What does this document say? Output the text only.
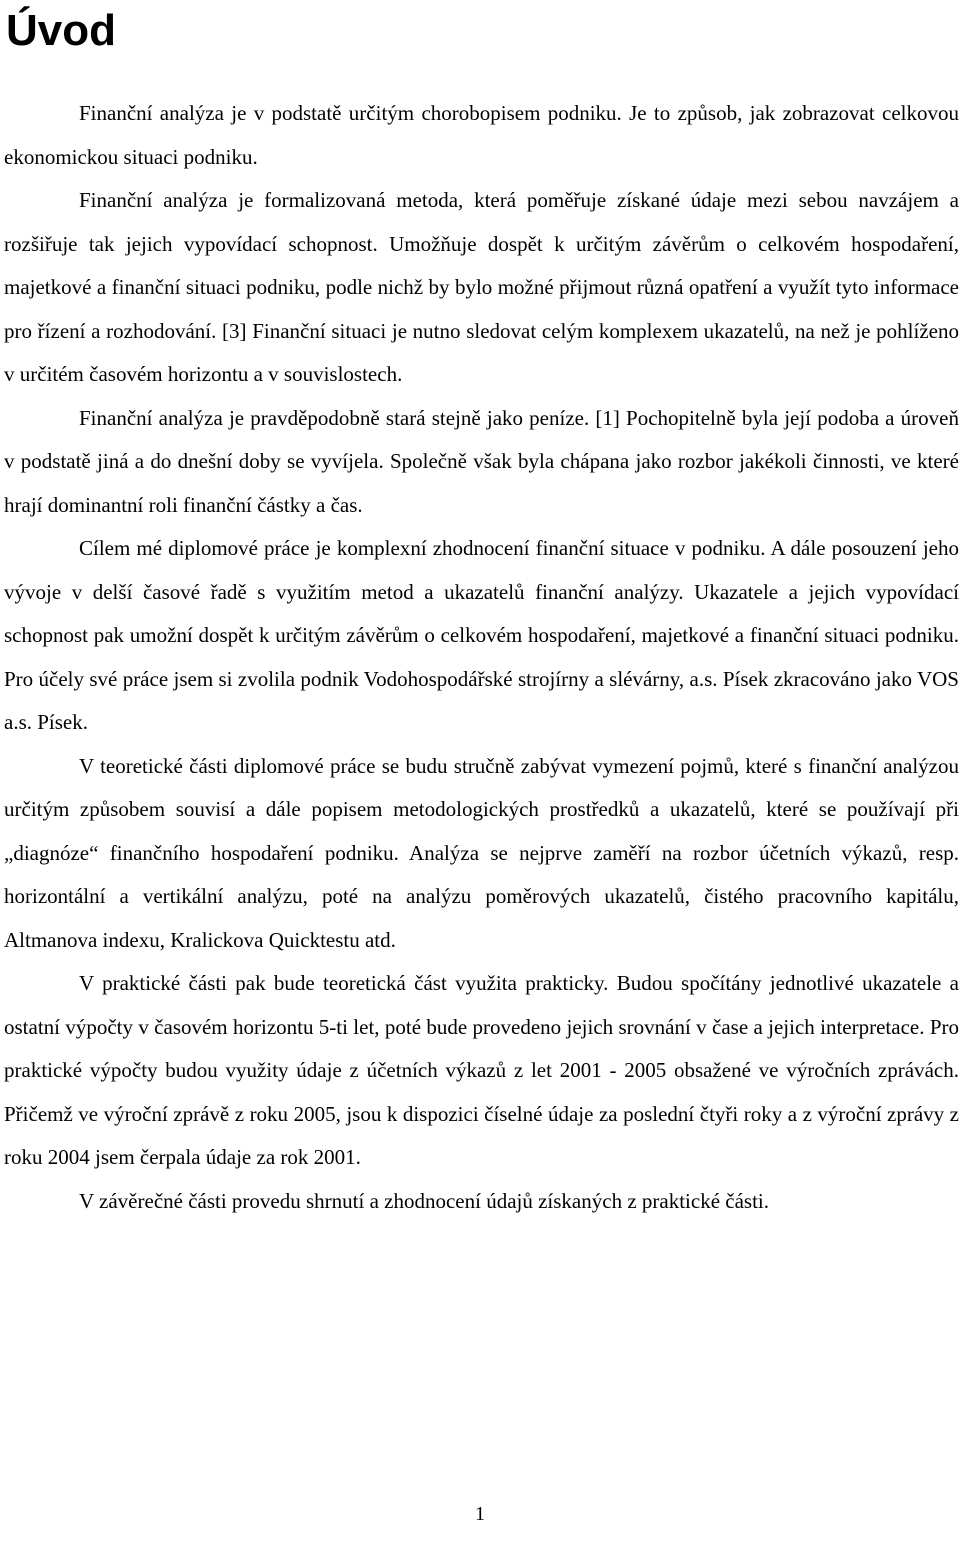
Úvod

Finanční analýza je v podstatě určitým chorobopisem podniku. Je to způsob, jak zobrazovat celkovou ekonomickou situaci podniku.

Finanční analýza je formalizovaná metoda, která poměřuje získané údaje mezi sebou navzájem a rozšiřuje tak jejich vypovídací schopnost. Umožňuje dospět k určitým závěrům o celkovém hospodaření, majetkové a finanční situaci podniku, podle nichž by bylo možné přijmout různá opatření a využít tyto informace pro řízení a rozhodování. [3] Finanční situaci je nutno sledovat celým komplexem ukazatelů, na než je pohlíženo v určitém časovém horizontu a v souvislostech.

Finanční analýza je pravděpodobně stará stejně jako peníze. [1] Pochopitelně byla její podoba a úroveň v podstatě jiná a do dnešní doby se vyvíjela. Společně však byla chápana jako rozbor jakékoli činnosti, ve které hrají dominantní roli finanční částky a čas.

Cílem mé diplomové práce je komplexní zhodnocení finanční situace v podniku. A dále posouzení jeho vývoje v delší časové řadě s využitím metod a ukazatelů finanční analýzy. Ukazatele a jejich vypovídací schopnost pak umožní dospět k určitým závěrům o celkovém hospodaření, majetkové a finanční situaci podniku. Pro účely své práce jsem si zvolila podnik Vodohospodářské strojírny a slévárny, a.s. Písek zkracováno jako VOS a.s. Písek.

V teoretické části diplomové práce se budu stručně zabývat vymezení pojmů, které s finanční analýzou určitým způsobem souvisí a dále popisem metodologických prostředků a ukazatelů, které se používají při „diagnóze“ finančního hospodaření podniku. Analýza se nejprve zaměří na rozbor účetních výkazů, resp. horizontální a vertikální analýzu, poté na analýzu poměrových ukazatelů, čistého pracovního kapitálu, Altmanova indexu, Kralickova Quicktestu atd.

V praktické části pak bude teoretická část využita prakticky. Budou spočítány jednotlivé ukazatele a ostatní výpočty v časovém horizontu 5-ti let, poté bude provedeno jejich srovnání v čase a jejich interpretace. Pro praktické výpočty budou využity údaje z účetních výkazů z let 2001 - 2005 obsažené ve výročních zprávách. Přičemž ve výroční zprávě z roku 2005, jsou k dispozici číselné údaje za poslední čtyři roky a z výroční zprávy z roku 2004 jsem čerpala údaje za rok 2001.

V závěrečné části provedu shrnutí a zhodnocení údajů získaných z praktické části.

1
